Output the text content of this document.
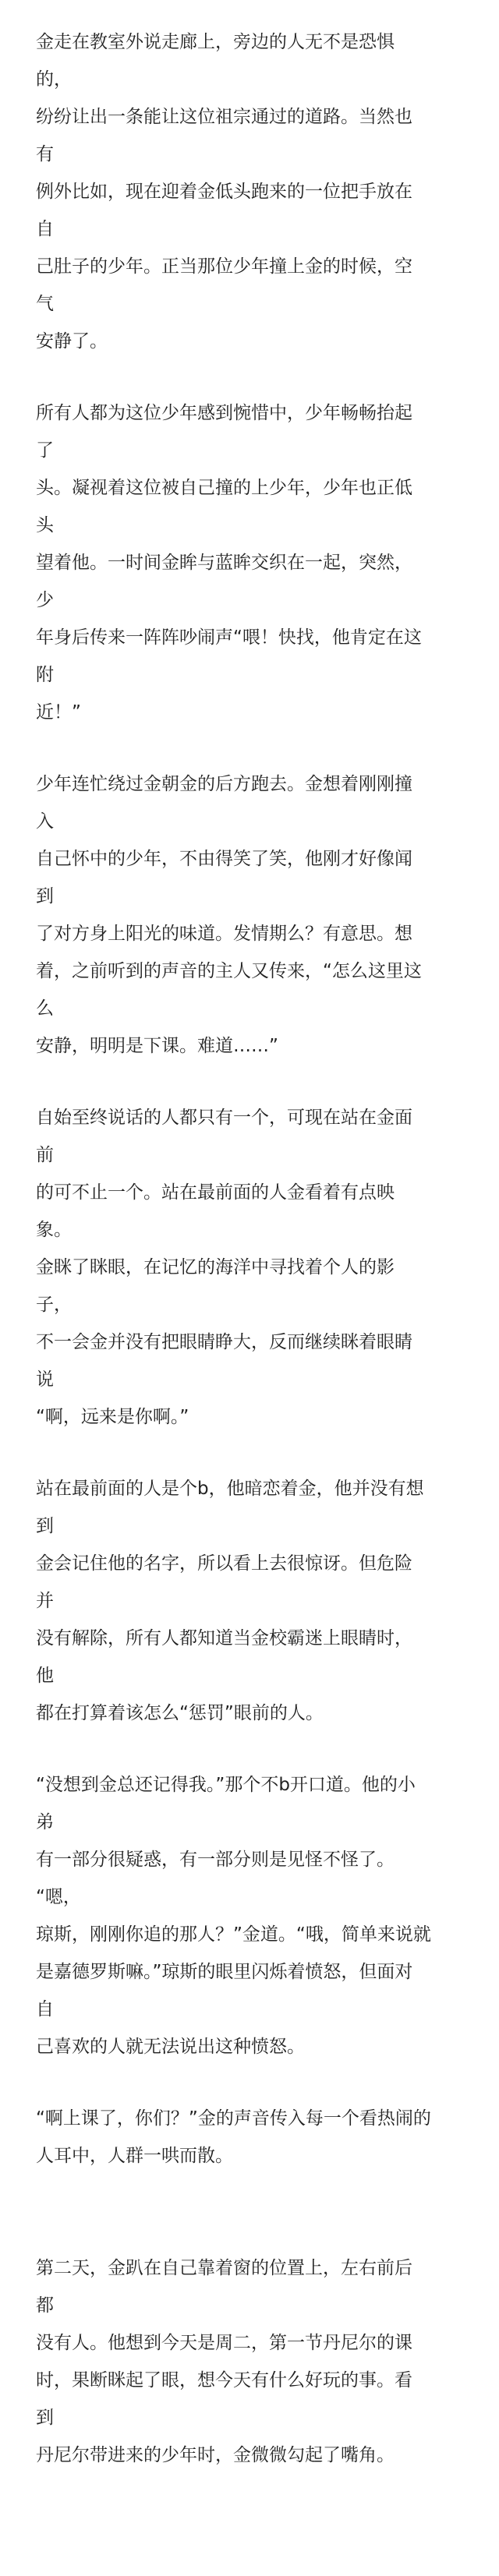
金走在教室外说走廊上，旁边的人无不是恐惧
的，
纷纷让出一条能让这位祖宗通过的道路。当然也
有
例外比如，现在迎着金低头跑来的一位把手放在
自
己肚子的少年。正当那位少年撞上金的时候，空
气
安静了。
所有人都为这位少年感到惋惜中，少年畅畅抬起
了
头。凝视着这位被自己撞的上少年，少年也正低
头
望着他。一时间金眸与蓝眸交织在一起，突然，
少
年身后传来一阵阵吵闹声“喂！快找，他肯定在这
附
近！”
少年连忙绕过金朝金的后方跑去。金想着刚刚撞
入
自己怀中的少年，不由得笑了笑，他刚才好像闻
到
了对方身上阳光的味道。发情期么？有意思。想
着，之前听到的声音的主人又传来，“怎么这里这
么
安静，明明是下课。难道……”
自始至终说话的人都只有一个，可现在站在金面
前
的可不止一个。站在最前面的人金看着有点映
象。
金眯了眯眼，在记忆的海洋中寻找着个人的影
子，
不一会金并没有把眼睛睁大，反而继续眯着眼睛
说
“啊，远来是你啊。”
站在最前面的人是个b，他暗恋着金，他并没有想
到
金会记住他的名字，所以看上去很惊讶。但危险
并
没有解除，所有人都知道当金校霸迷上眼睛时，
他
都在打算着该怎么“惩罚”眼前的人。
“没想到金总还记得我。”那个不b开口道。他的小
弟
有一部分很疑惑，有一部分则是见怪不怪了。
“嗯，
琼斯，刚刚你追的那人？”金道。“哦，简单来说就
是嘉德罗斯嘛。”琼斯的眼里闪烁着愤怒，但面对
自
己喜欢的人就无法说出这种愤怒。
“啊上课了，你们？”金的声音传入每一个看热闹的
人耳中，人群一哄而散。
第二天，金趴在自己靠着窗的位置上，左右前后
都
没有人。他想到今天是周二，第一节丹尼尔的课
时，果断眯起了眼，想今天有什么好玩的事。看
到
丹尼尔带进来的少年时，金微微勾起了嘴角。
